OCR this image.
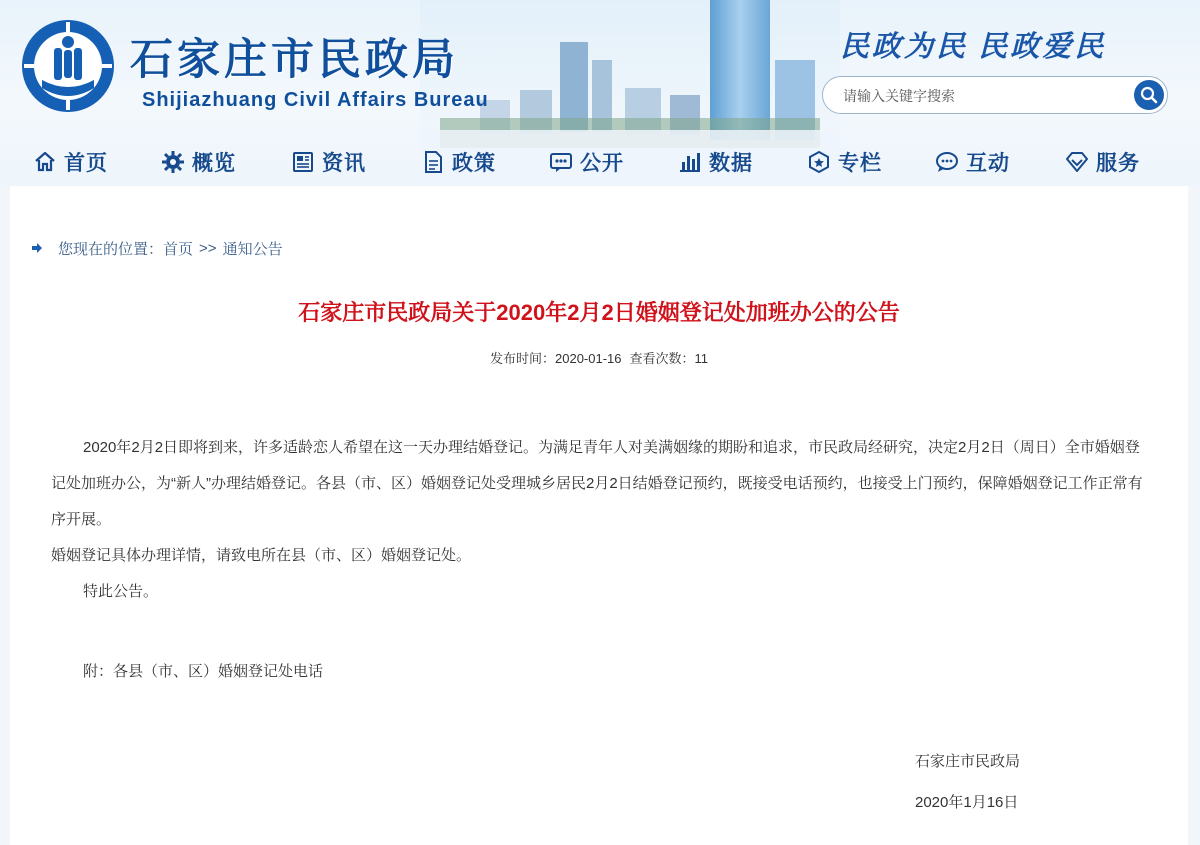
石家庄市民政局
Shijiazhuang Civil Affairs Bureau
民政为民 民政爱民
请输入关键字搜索
首页	概览	资讯	政策	公开	数据	专栏	互动	服务
您现在的位置： 首页 >> 通知公告
石家庄市民政局关于2020年2月2日婚姻登记处加班办公的公告
发布时间：2020-01-16 查看次数：11

2020年2月2日即将到来，许多适龄恋人希望在这一天办理结婚登记。为满足青年人对美满姻缘的期盼和追求，市民政局经研究，决定2月2日（周日）全市婚姻登记处加班办公，为“新人”办理结婚登记。各县（市、区）婚姻登记处受理城乡居民2月2日结婚登记预约，既接受电话预约，也接受上门预约，保障婚姻登记工作正常有序开展。

婚姻登记具体办理详情，请致电所在县（市、区）婚姻登记处。

特此公告。

附：各县（市、区）婚姻登记处电话

石家庄市民政局
2020年1月16日
